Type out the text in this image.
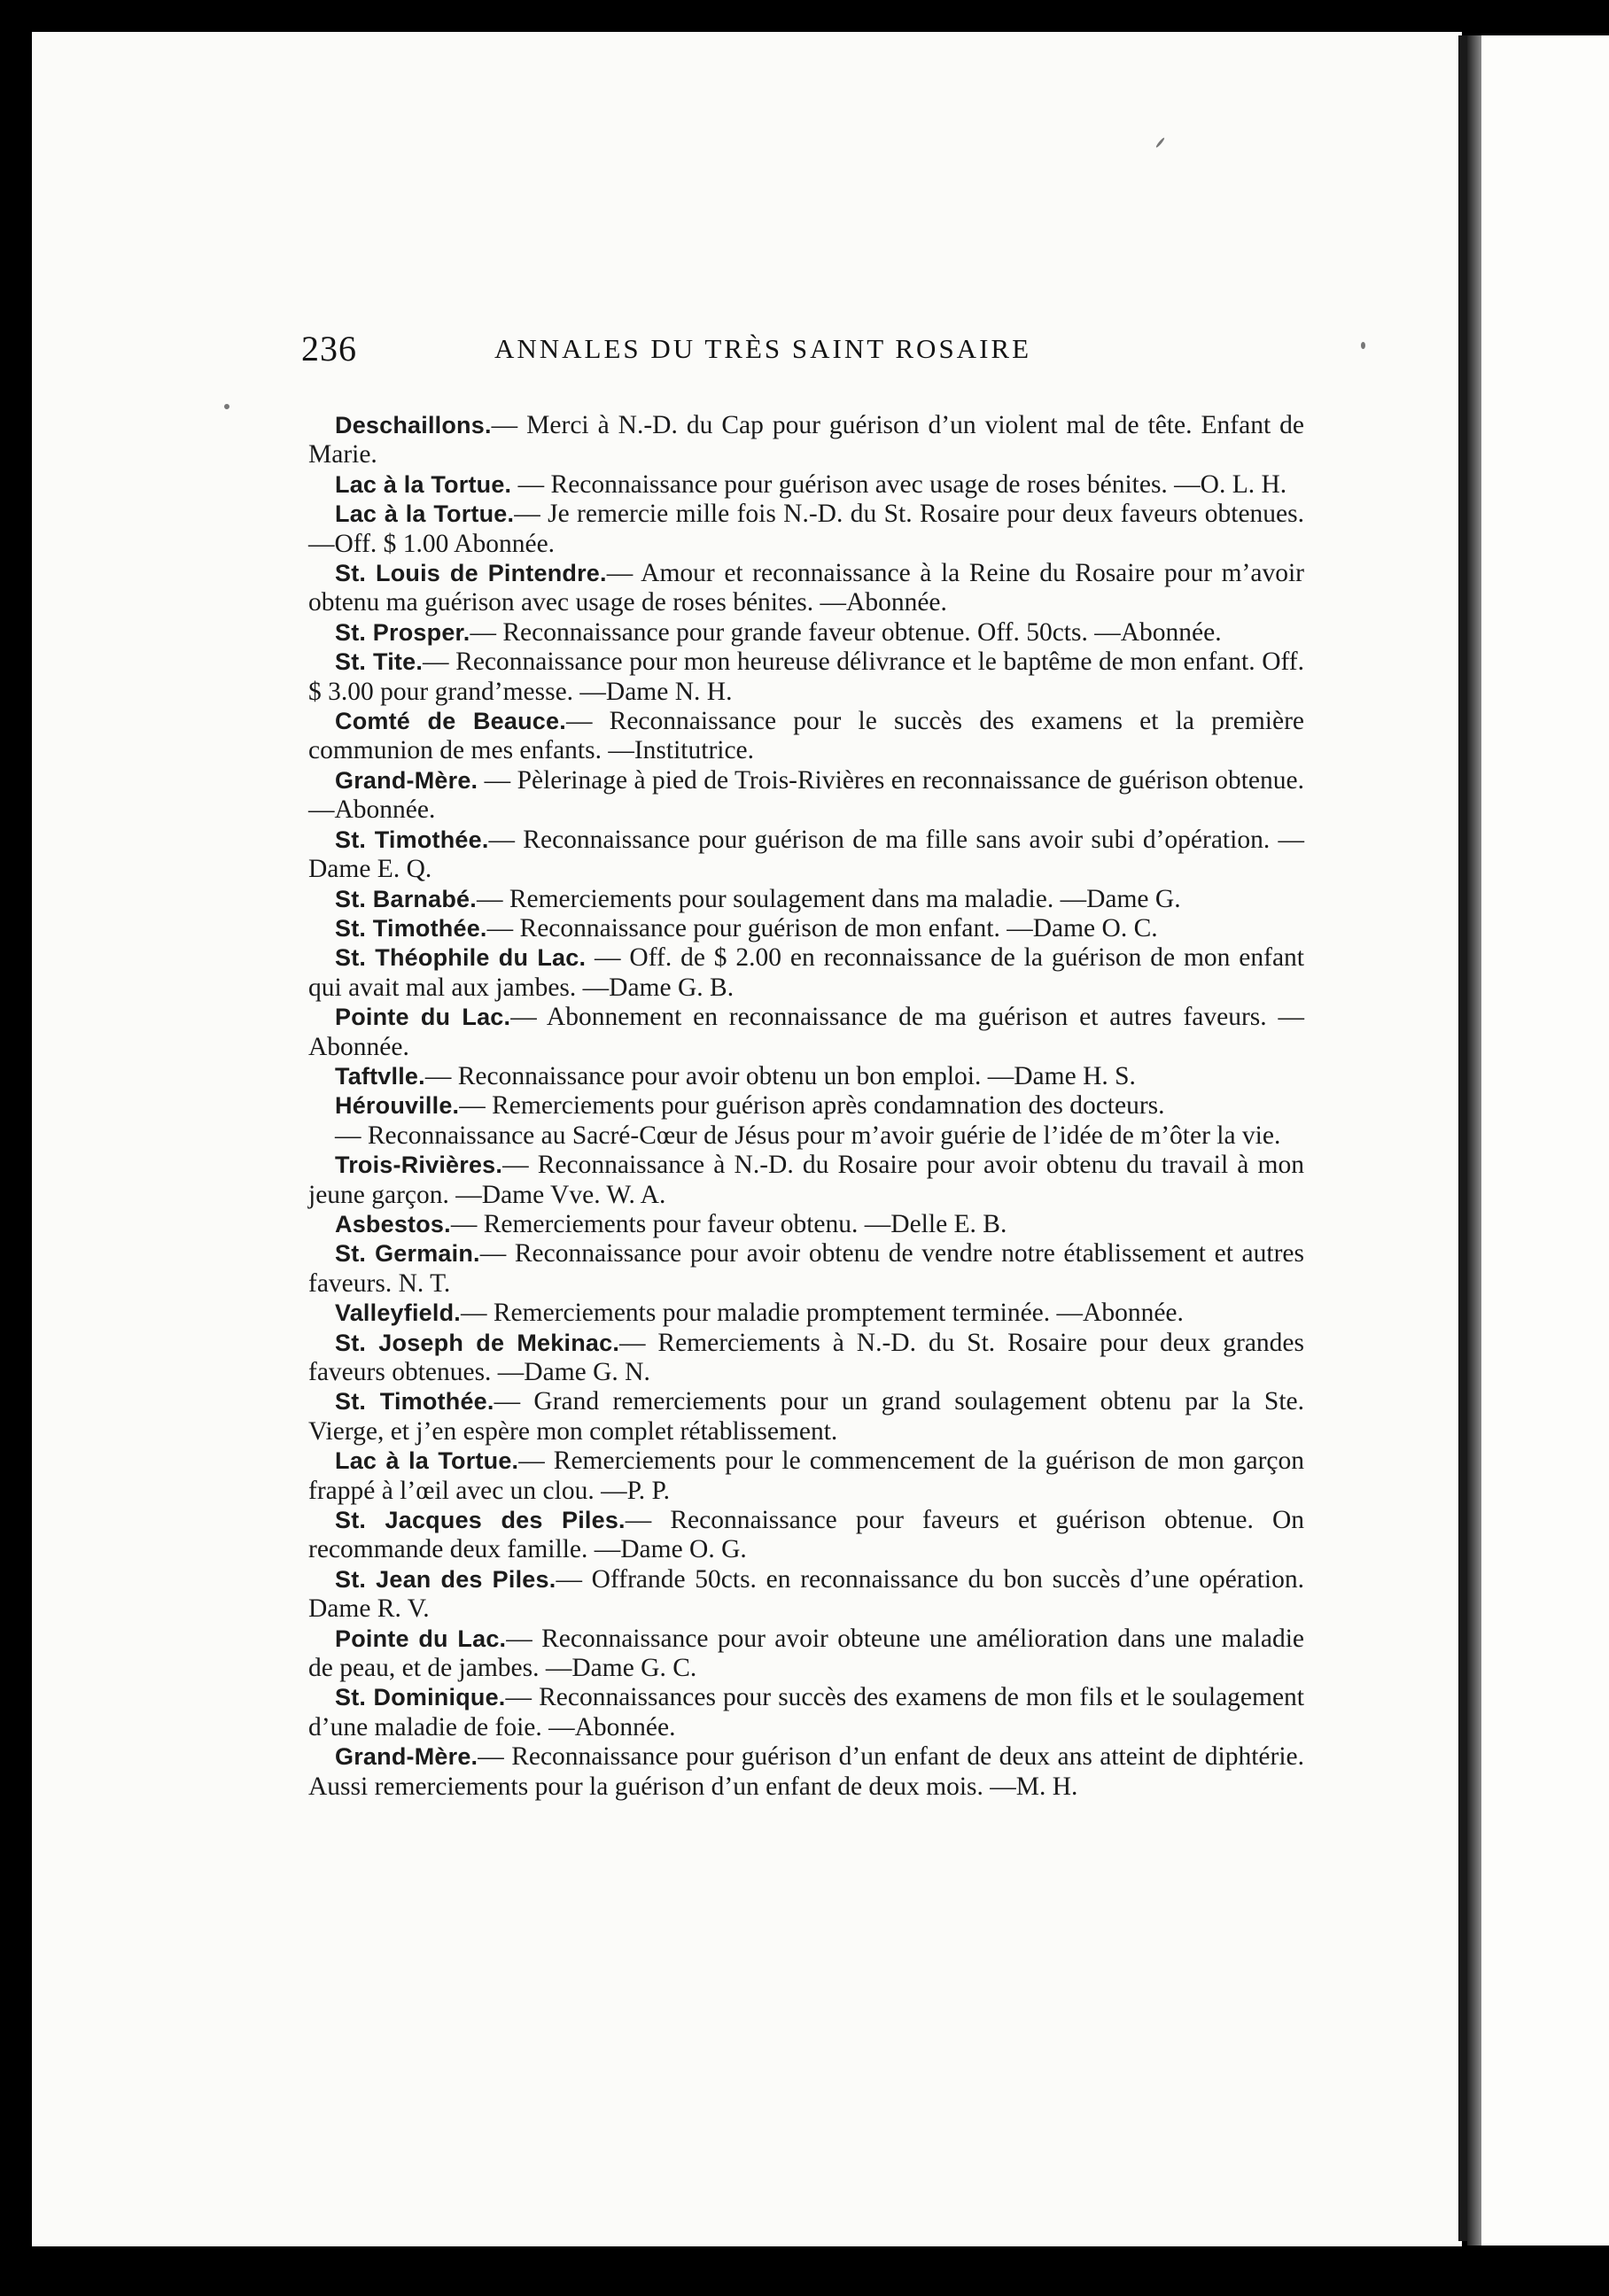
236	ANNALES DU TRÈS SAINT ROSAIRE

Deschaillons.— Merci à N.-D. du Cap pour guérison d’un violent mal de tête. Enfant de Marie.

Lac à la Tortue. — Reconnaissance pour guérison avec usage de roses bénites. —O. L. H.

Lac à la Tortue.— Je remercie mille fois N.-D. du St. Rosaire pour deux faveurs obtenues. —Off. $ 1.00 Abonnée.

St. Louis de Pintendre.— Amour et reconnaissance à la Reine du Rosaire pour m’avoir obtenu ma guérison avec usage de roses bénites. —Abonnée.

St. Prosper.— Reconnaissance pour grande faveur obtenue. Off. 50cts. —Abonnée.

St. Tite.— Reconnaissance pour mon heureuse délivrance et le baptême de mon enfant. Off. $ 3.00 pour grand’messe. —Dame N. H.

Comté de Beauce.— Reconnaissance pour le succès des examens et la première communion de mes enfants. —Institutrice.

Grand-Mère. — Pèlerinage à pied de Trois-Rivières en reconnaissance de guérison obtenue. —Abonnée.

St. Timothée.— Reconnaissance pour guérison de ma fille sans avoir subi d’opération. —Dame E. Q.

St. Barnabé.— Remerciements pour soulagement dans ma maladie. —Dame G.

St. Timothée.— Reconnaissance pour guérison de mon enfant. —Dame O. C.

St. Théophile du Lac. — Off. de $ 2.00 en reconnaissance de la guérison de mon enfant qui avait mal aux jambes. —Dame G. B.

Pointe du Lac.— Abonnement en reconnaissance de ma guérison et autres faveurs. —Abonnée.

Taftvlle.— Reconnaissance pour avoir obtenu un bon emploi. —Dame H. S.

Hérouville.— Remerciements pour guérison après condamnation des docteurs.

— Reconnaissance au Sacré-Cœur de Jésus pour m’avoir guérie de l’idée de m’ôter la vie.

Trois-Rivières.— Reconnaissance à N.-D. du Rosaire pour avoir obtenu du travail à mon jeune garçon. —Dame Vve. W. A.

Asbestos.— Remerciements pour faveur obtenu. —Delle E. B.

St. Germain.— Reconnaissance pour avoir obtenu de vendre notre établissement et autres faveurs. N. T.

Valleyfield.— Remerciements pour maladie promptement terminée. —Abonnée.

St. Joseph de Mekinac.— Remerciements à N.-D. du St. Rosaire pour deux grandes faveurs obtenues. —Dame G. N.

St. Timothée.— Grand remerciements pour un grand soulagement obtenu par la Ste. Vierge, et j’en espère mon complet rétablissement.

Lac à la Tortue.— Remerciements pour le commencement de la guérison de mon garçon frappé à l’œil avec un clou. —P. P.

St. Jacques des Piles.— Reconnaissance pour faveurs et guérison obtenue. On recommande deux famille. —Dame O. G.

St. Jean des Piles.— Offrande 50cts. en reconnaissance du bon succès d’une opération. Dame R. V.

Pointe du Lac.— Reconnaissance pour avoir obteune une amélioration dans une maladie de peau, et de jambes. —Dame G. C.

St. Dominique.— Reconnaissances pour succès des examens de mon fils et le soulagement d’une maladie de foie. —Abonnée.

Grand-Mère.— Reconnaissance pour guérison d’un enfant de deux ans atteint de diphtérie. Aussi remerciements pour la guérison d’un enfant de deux mois. —M. H.
